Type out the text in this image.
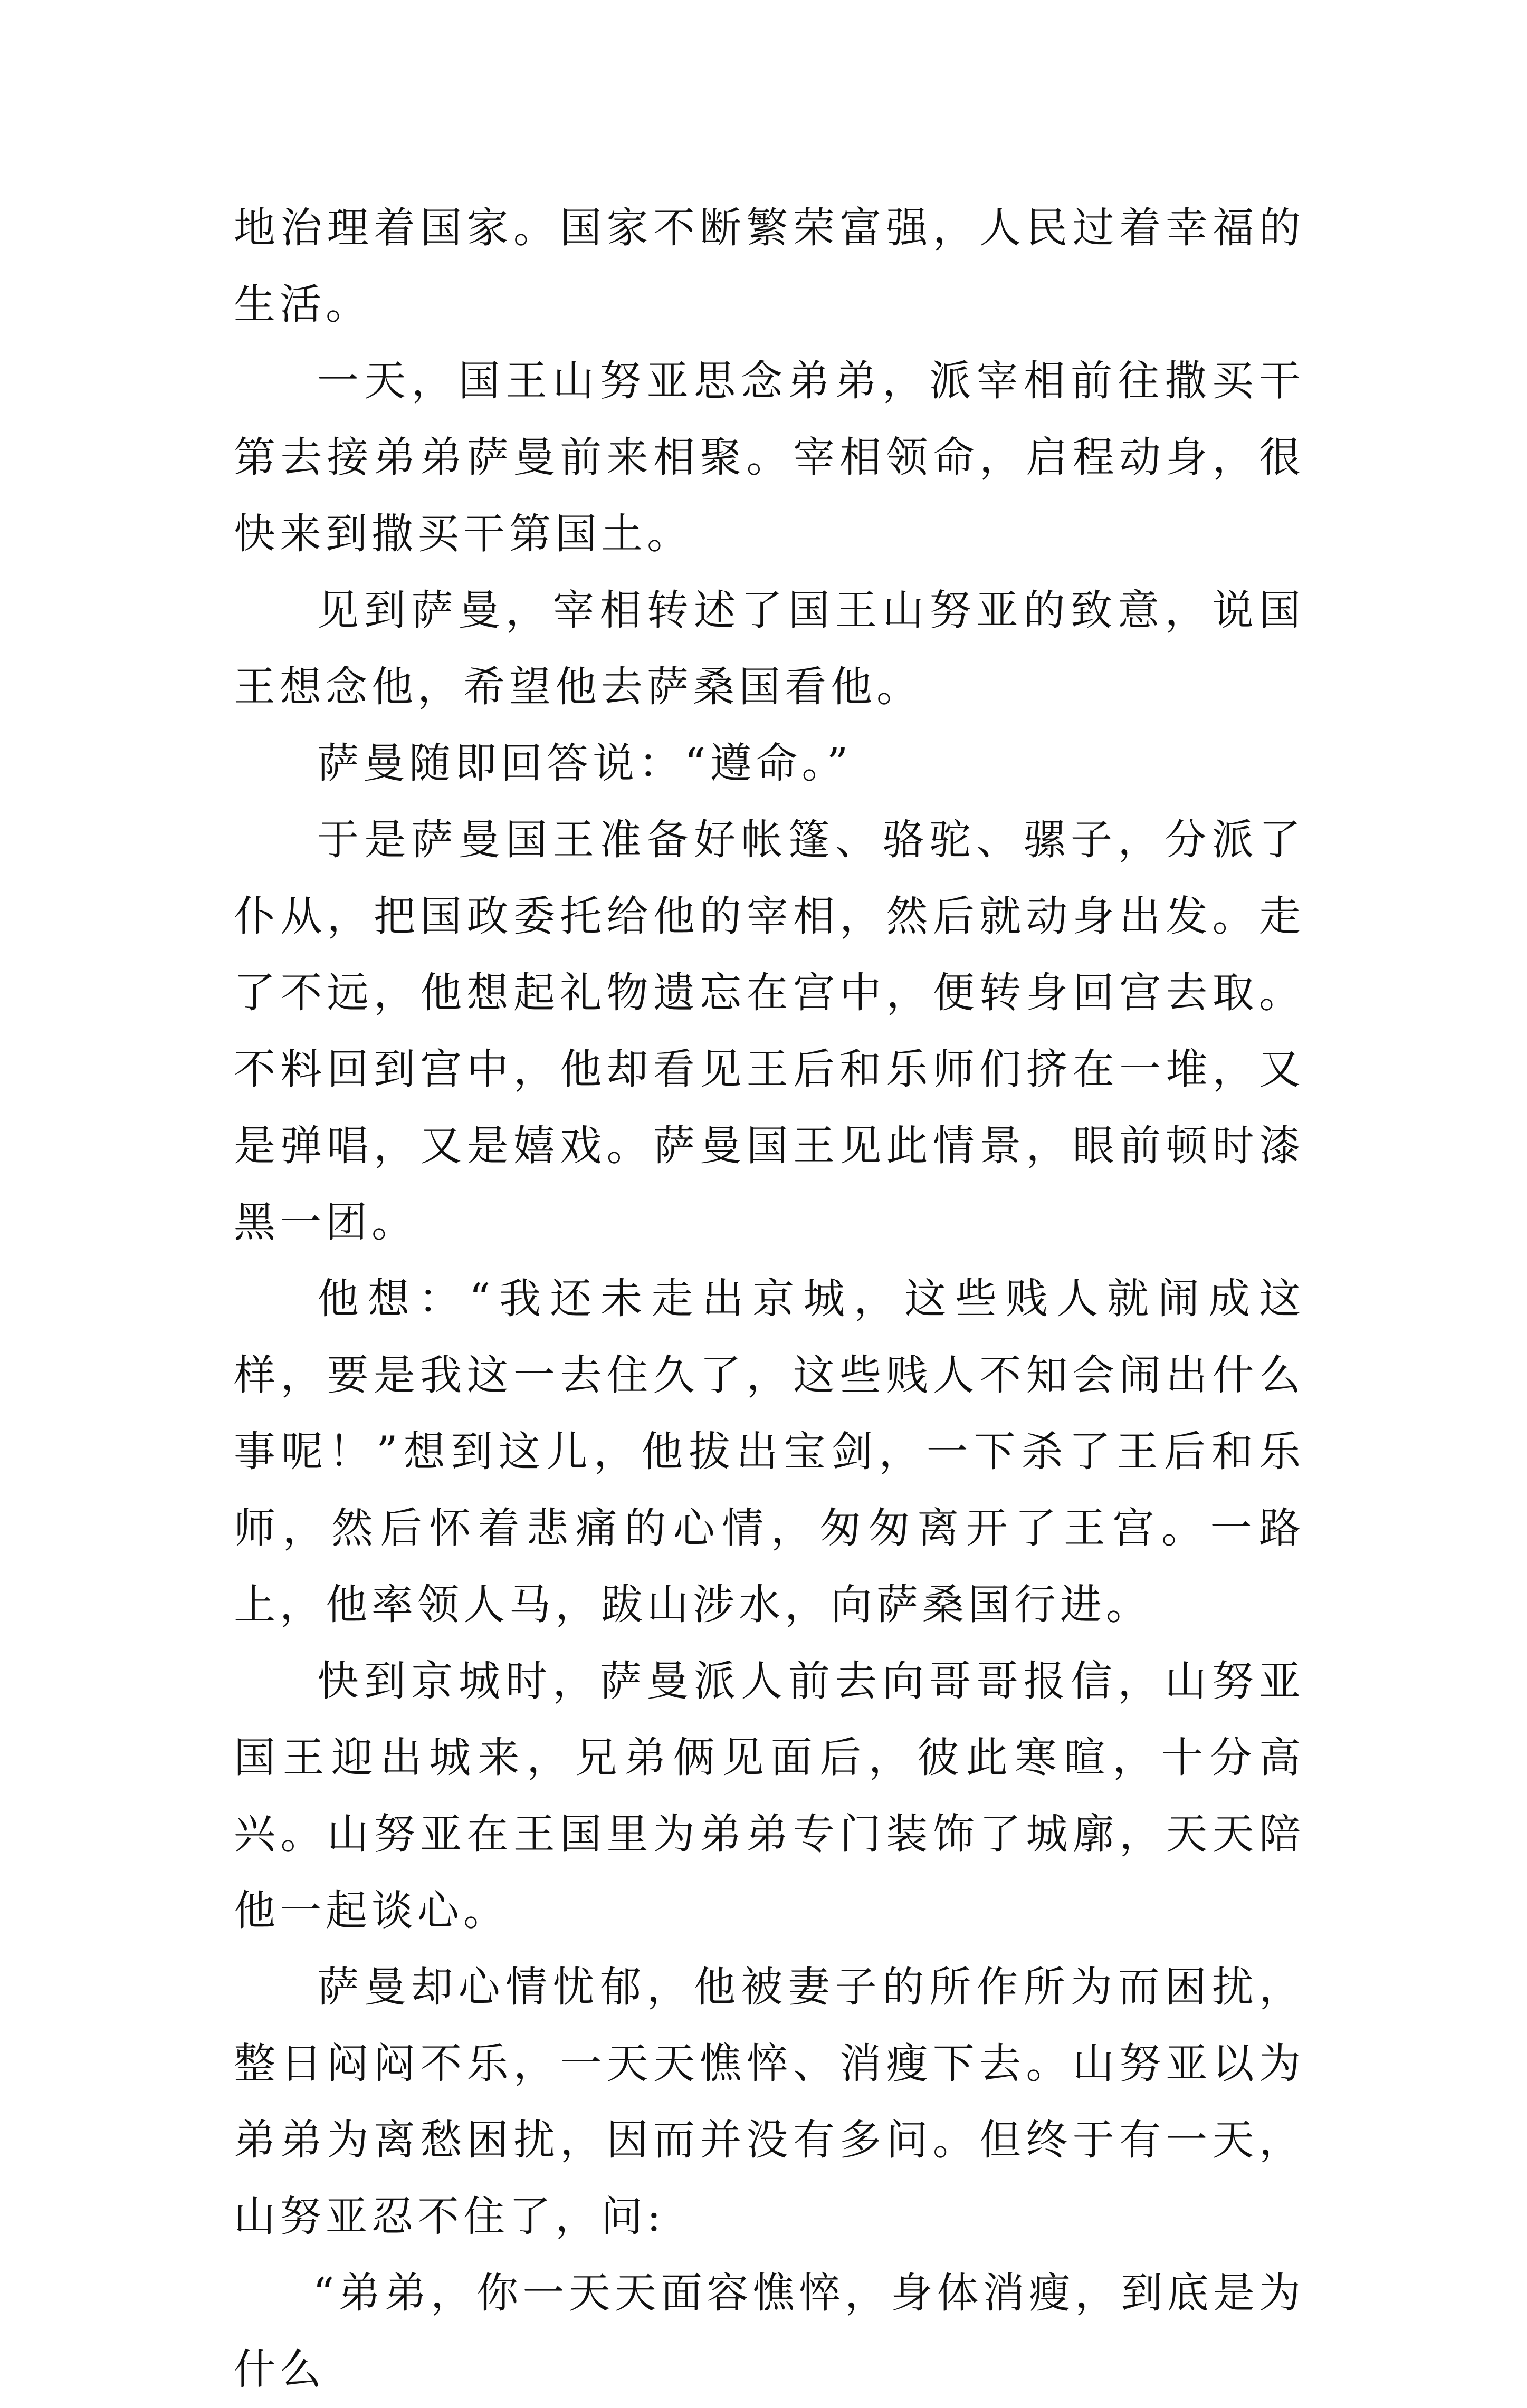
地治理着国家。国家不断繁荣富强，人民过着幸福的生活。

一天，国王山努亚思念弟弟，派宰相前往撒买干第去接弟弟萨曼前来相聚。宰相领命，启程动身，很快来到撒买干第国土。

见到萨曼，宰相转述了国王山努亚的致意，说国王想念他，希望他去萨桑国看他。

萨曼随即回答说：“遵命。”

于是萨曼国王准备好帐篷、骆驼、骡子，分派了仆从，把国政委托给他的宰相，然后就动身出发。走了不远，他想起礼物遗忘在宫中，便转身回宫去取。不料回到宫中，他却看见王后和乐师们挤在一堆，又是弹唱，又是嬉戏。萨曼国王见此情景，眼前顿时漆黑一团。

他想：“我还未走出京城，这些贱人就闹成这样，要是我这一去住久了，这些贱人不知会闹出什么事呢！”想到这儿，他拔出宝剑，一下杀了王后和乐师，然后怀着悲痛的心情，匆匆离开了王宫。一路上，他率领人马，跋山涉水，向萨桑国行进。

快到京城时，萨曼派人前去向哥哥报信，山努亚国王迎出城来，兄弟俩见面后，彼此寒暄，十分高兴。山努亚在王国里为弟弟专门装饰了城廓，天天陪他一起谈心。

萨曼却心情忧郁，他被妻子的所作所为而困扰，整日闷闷不乐，一天天憔悴、消瘦下去。山努亚以为弟弟为离愁困扰，因而并没有多问。但终于有一天，山努亚忍不住了，问:

“弟弟，你一天天面容憔悴，身体消瘦，到底是为什么
